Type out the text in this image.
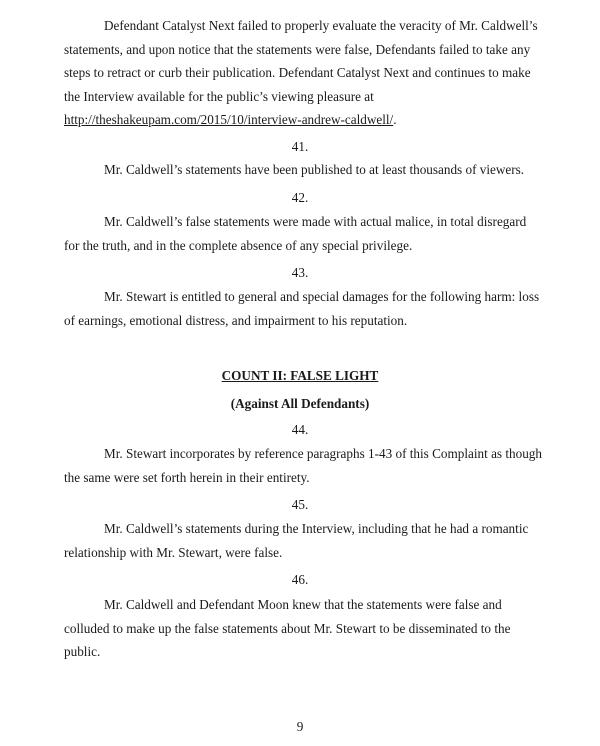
Defendant Catalyst Next failed to properly evaluate the veracity of Mr. Caldwell’s statements, and upon notice that the statements were false, Defendants failed to take any steps to retract or curb their publication. Defendant Catalyst Next and continues to make the Interview available for the public’s viewing pleasure at http://theshakeupam.com/2015/10/interview-andrew-caldwell/.

41.

Mr. Caldwell’s statements have been published to at least thousands of viewers.

42.

Mr. Caldwell’s false statements were made with actual malice, in total disregard for the truth, and in the complete absence of any special privilege.

43.

Mr. Stewart is entitled to general and special damages for the following harm: loss of earnings, emotional distress, and impairment to his reputation.

COUNT II: FALSE LIGHT

(Against All Defendants)

44.

Mr. Stewart incorporates by reference paragraphs 1-43 of this Complaint as though the same were set forth herein in their entirety.

45.

Mr. Caldwell’s statements during the Interview, including that he had a romantic relationship with Mr. Stewart, were false.

46.

Mr. Caldwell and Defendant Moon knew that the statements were false and colluded to make up the false statements about Mr. Stewart to be disseminated to the public.

9
